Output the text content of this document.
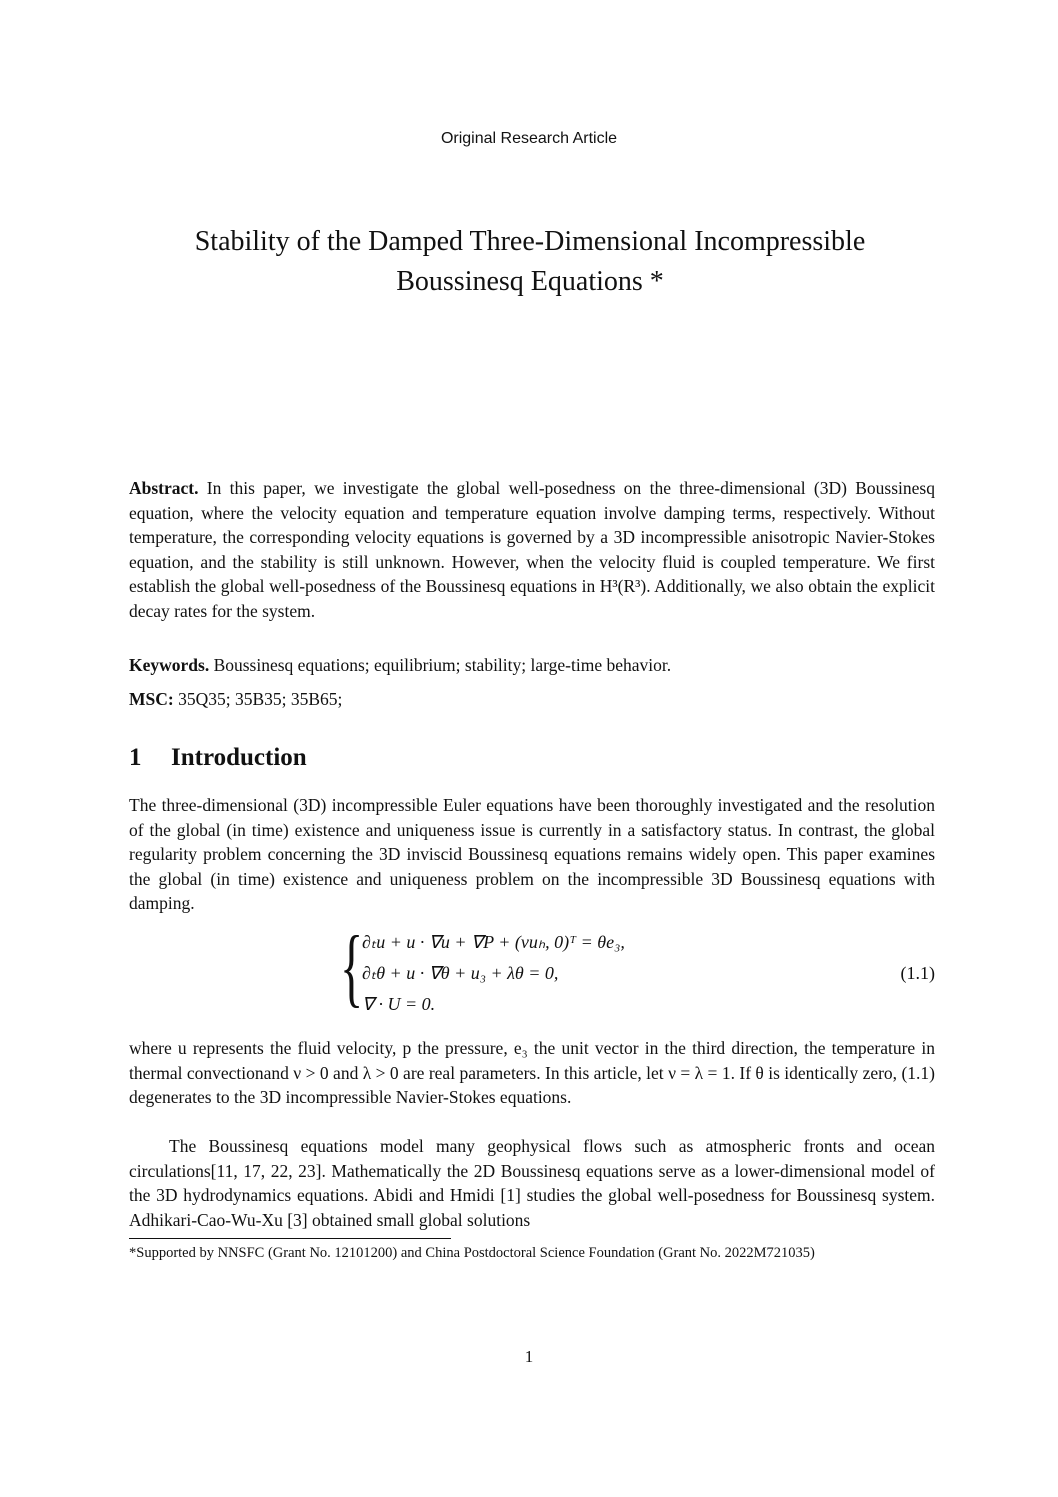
Original Research Article
Stability of the Damped Three-Dimensional Incompressible
Boussinesq Equations *
Abstract. In this paper, we investigate the global well-posedness on the three-dimensional (3D) Boussinesq equation, where the velocity equation and temperature equation involve damping terms, respectively. Without temperature, the corresponding velocity equations is governed by a 3D incompressible anisotropic Navier-Stokes equation, and the stability is still unknown. However, when the velocity fluid is coupled temperature. We first establish the global well-posedness of the Boussinesq equations in H³(R³). Additionally, we also obtain the explicit decay rates for the system.
Keywords. Boussinesq equations; equilibrium; stability; large-time behavior.
MSC: 35Q35; 35B35; 35B65;
1 Introduction
The three-dimensional (3D) incompressible Euler equations have been thoroughly investigated and the resolution of the global (in time) existence and uniqueness issue is currently in a satisfactory status. In contrast, the global regularity problem concerning the 3D inviscid Boussinesq equations remains widely open. This paper examines the global (in time) existence and uniqueness problem on the incompressible 3D Boussinesq equations with damping.
{
∂ₜu + u · ∇u + ∇P + (νuₕ, 0)ᵀ = θe₃,
∂ₜθ + u · ∇θ + u₃ + λθ = 0,
∇ · U = 0.
(1.1)
where u represents the fluid velocity, p the pressure, e₃ the unit vector in the third direction, the temperature in thermal convectionand ν > 0 and λ > 0 are real parameters. In this article, let ν = λ = 1. If θ is identically zero, (1.1) degenerates to the 3D incompressible Navier-Stokes equations.
The Boussinesq equations model many geophysical flows such as atmospheric fronts and ocean circulations[11, 17, 22, 23]. Mathematically the 2D Boussinesq equations serve as a lower-dimensional model of the 3D hydrodynamics equations. Abidi and Hmidi [1] studies the global well-posedness for Boussinesq system. Adhikari-Cao-Wu-Xu [3] obtained small global solutions
*Supported by NNSFC (Grant No. 12101200) and China Postdoctoral Science Foundation (Grant No. 2022M721035)
1
